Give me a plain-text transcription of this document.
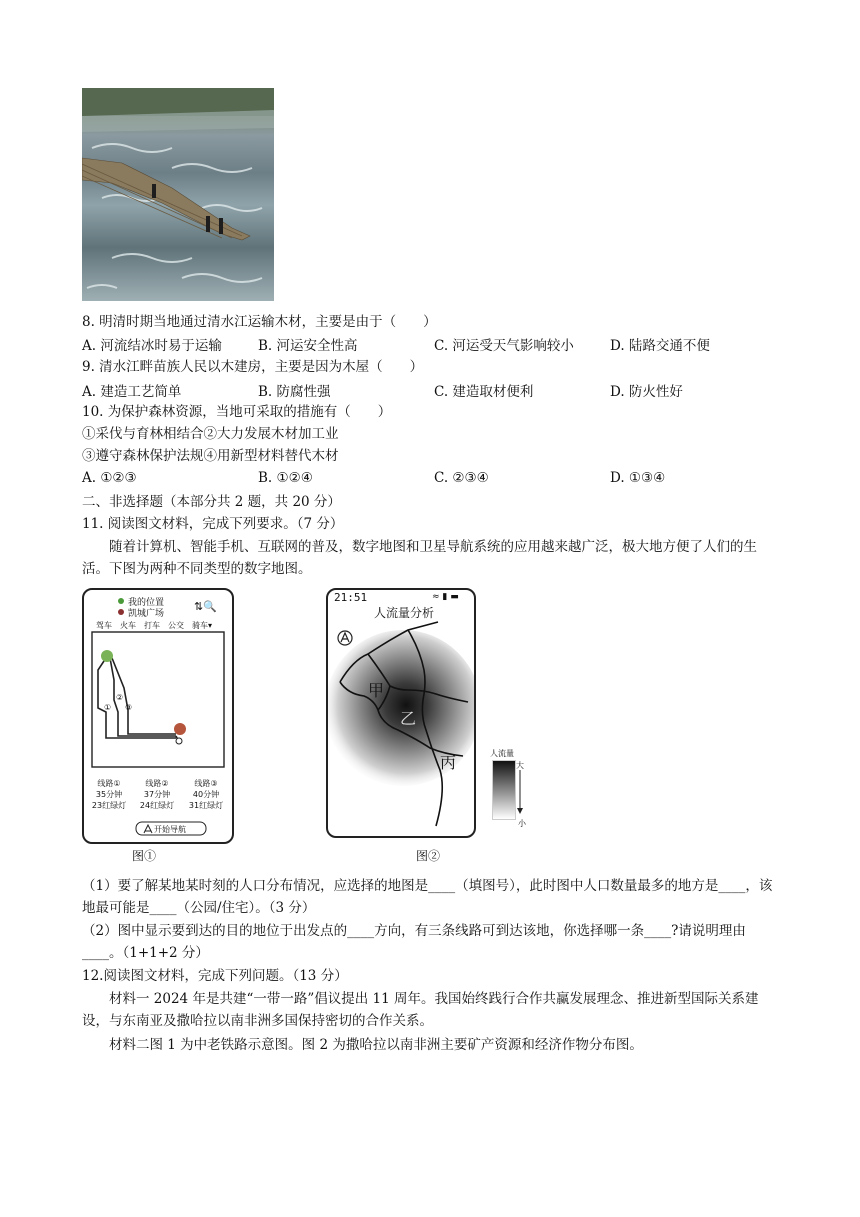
8. 明清时期当地通过清水江运输木材，主要是由于（　　）
A. 河流结冰时易于运输	B. 河运安全性高	C. 河运受天气影响较小	D. 陆路交通不便
9. 清水江畔苗族人民以木建房，主要是因为木屋（　　）
A. 建造工艺简单	B. 防腐性强	C. 建造取材便利	D. 防火性好
10. 为保护森林资源，当地可采取的措施有（　　）
①采伐与育林相结合②大力发展木材加工业
③遵守森林保护法规④用新型材料替代木材
A. ①②③	B. ①②④	C. ②③④	D. ①③④
二、非选择题（本部分共 2 题，共 20 分）
11. 阅读图文材料，完成下列要求。（7 分）
随着计算机、智能手机、互联网的普及，数字地图和卫星导航系统的应用越来越广泛，极大地方便了人们的生活。下图为两种不同类型的数字地图。
我的位置
凯城广场
⇅🔍
驾车　火车　打车　公交　骑车▾
①
②
③
线路①
35分钟
23红绿灯
线路②
37分钟
24红绿灯
线路③
40分钟
31红绿灯
开始导航
图①
21:51	≈ ▮ ▬
人流量分析
甲
乙
丙
图②
人流量
大
小
（1）要了解某地某时刻的人口分布情况，应选择的地图是____（填图号），此时图中人口数量最多的地方是____，该地最可能是____（公园/住宅）。（3 分）
（2）图中显示要到达的目的地位于出发点的____方向，有三条线路可到达该地，你选择哪一条____?请说明理由____。（1+1+2 分）
12.阅读图文材料，完成下列问题。（13 分）
材料一 2024 年是共建“一带一路”倡议提出 11 周年。我国始终践行合作共赢发展理念、推进新型国际关系建设，与东南亚及撒哈拉以南非洲多国保持密切的合作关系。
材料二图 1 为中老铁路示意图。图 2 为撒哈拉以南非洲主要矿产资源和经济作物分布图。
